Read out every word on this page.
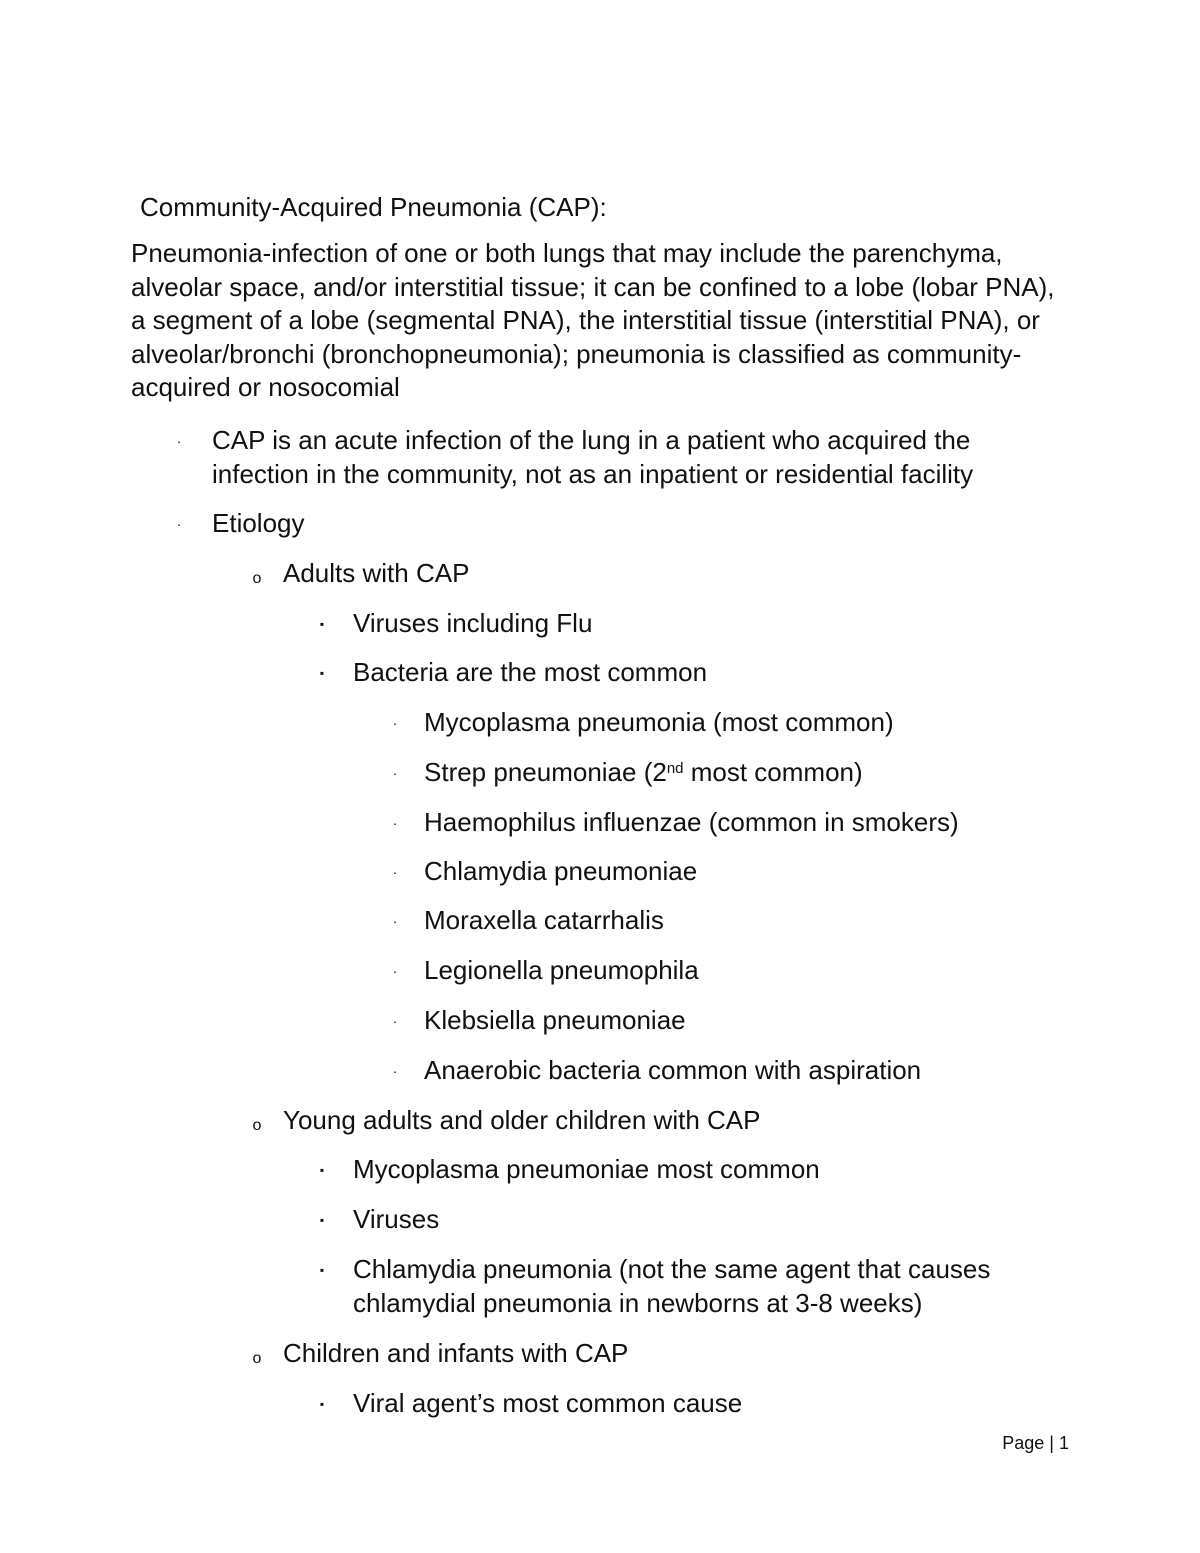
Community-Acquired Pneumonia (CAP):
Pneumonia-infection of one or both lungs that may include the parenchyma, alveolar space, and/or interstitial tissue; it can be confined to a lobe (lobar PNA), a segment of a lobe (segmental PNA), the interstitial tissue (interstitial PNA), or alveolar/bronchi (bronchopneumonia); pneumonia is classified as community-acquired or nosocomial
· CAP is an acute infection of the lung in a patient who acquired the infection in the community, not as an inpatient or residential facility
· Etiology
o Adults with CAP
▪ Viruses including Flu
▪ Bacteria are the most common
· Mycoplasma pneumonia (most common)
· Strep pneumoniae (2nd most common)
· Haemophilus influenzae (common in smokers)
· Chlamydia pneumoniae
· Moraxella catarrhalis
· Legionella pneumophila
· Klebsiella pneumoniae
· Anaerobic bacteria common with aspiration
o Young adults and older children with CAP
▪ Mycoplasma pneumoniae most common
▪ Viruses
▪ Chlamydia pneumonia (not the same agent that causes chlamydial pneumonia in newborns at 3-8 weeks)
o Children and infants with CAP
▪ Viral agent’s most common cause
Page | 1
